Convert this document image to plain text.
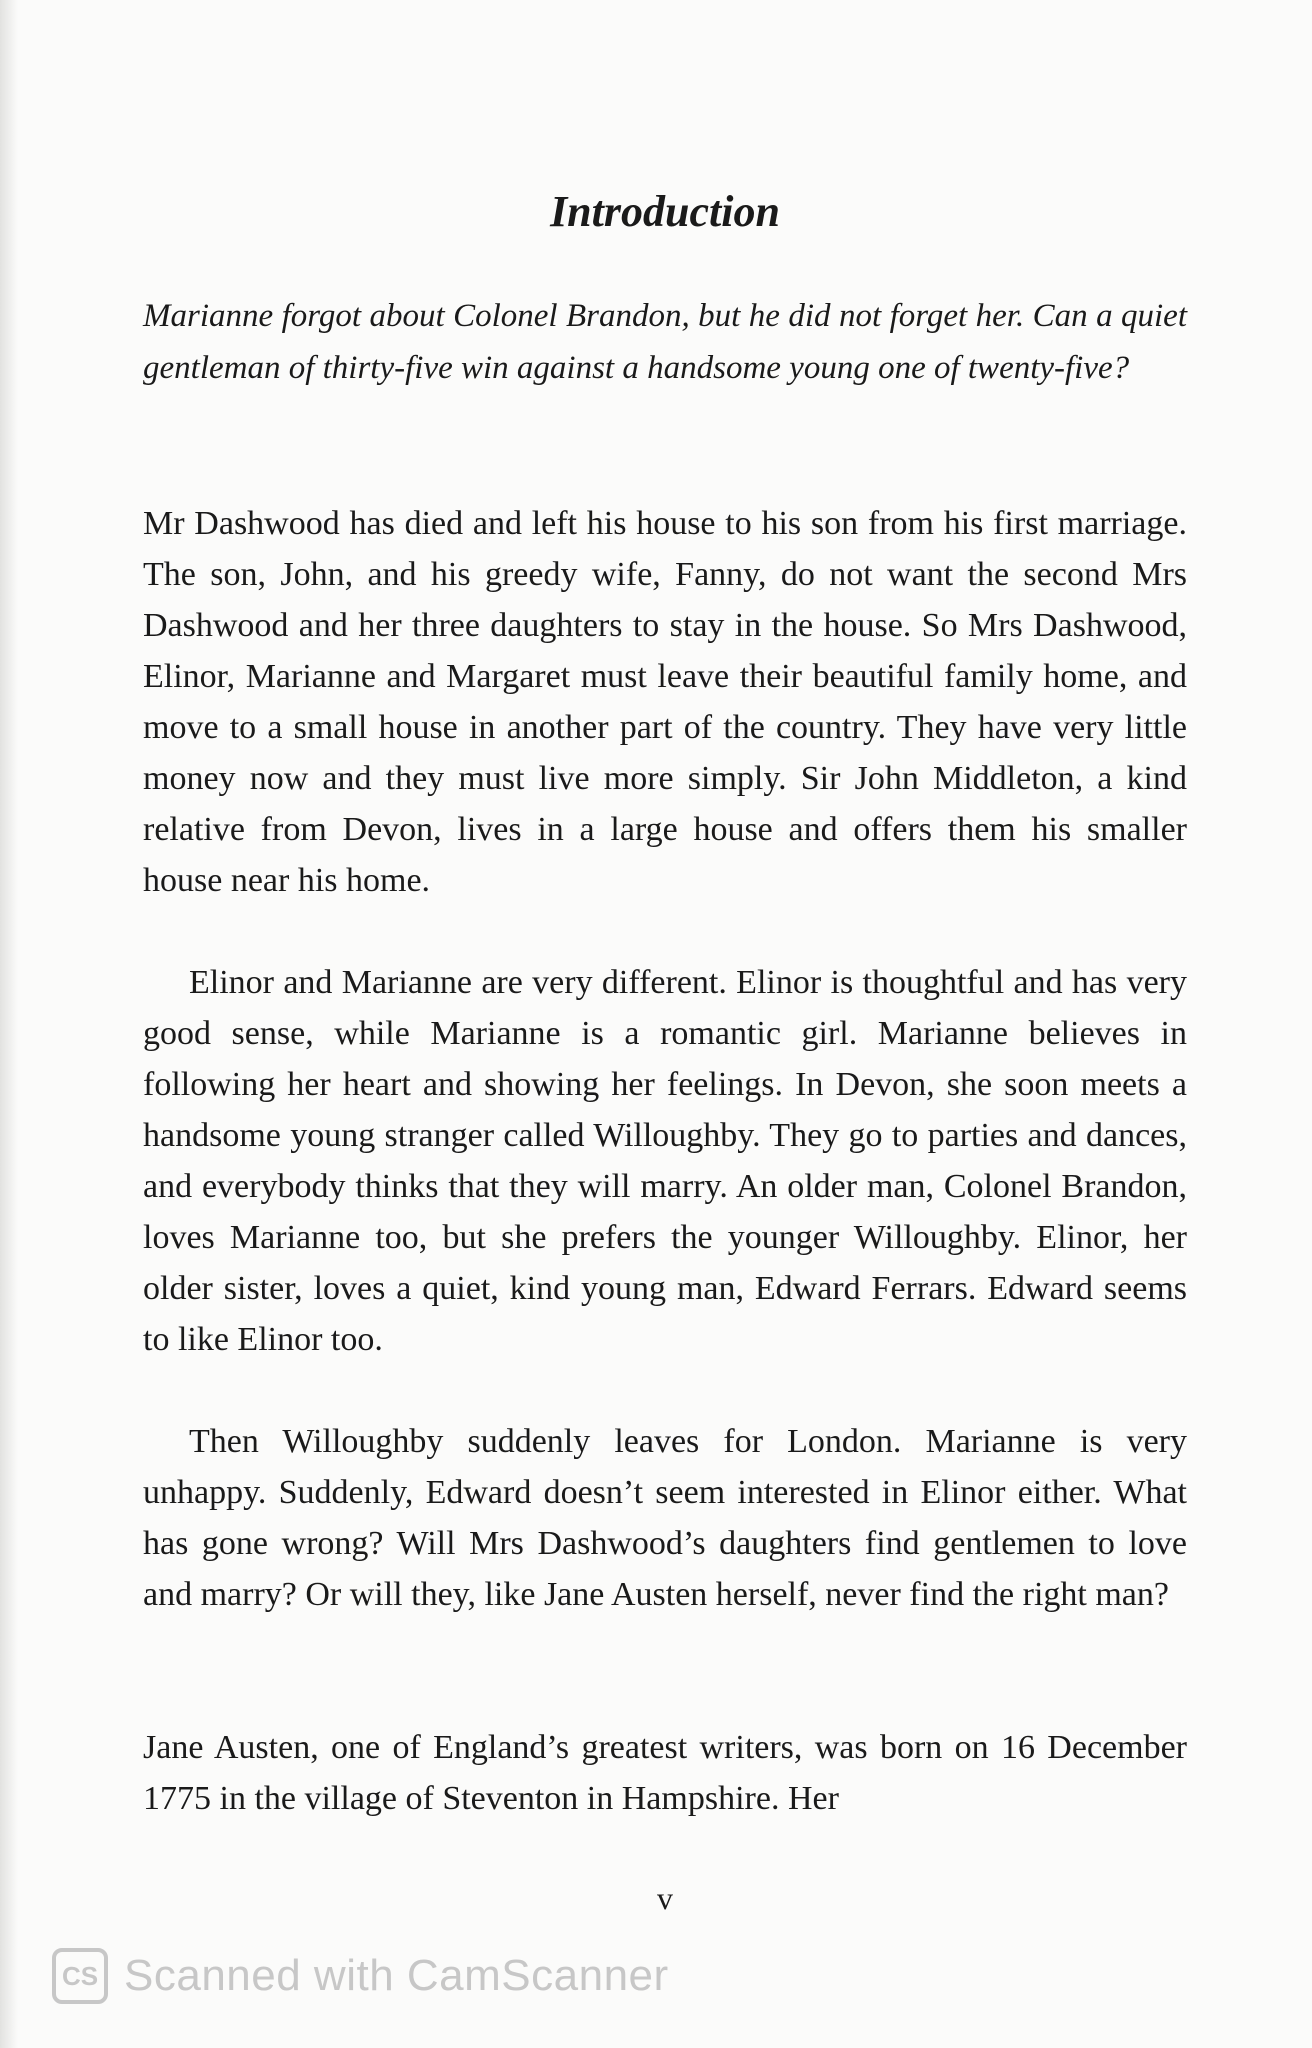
Introduction

Marianne forgot about Colonel Brandon, but he did not forget her. Can a quiet gentleman of thirty-five win against a handsome young one of twenty-five?

Mr Dashwood has died and left his house to his son from his first marriage. The son, John, and his greedy wife, Fanny, do not want the second Mrs Dashwood and her three daughters to stay in the house. So Mrs Dashwood, Elinor, Marianne and Margaret must leave their beautiful family home, and move to a small house in another part of the country. They have very little money now and they must live more simply. Sir John Middleton, a kind relative from Devon, lives in a large house and offers them his smaller house near his home.

Elinor and Marianne are very different. Elinor is thoughtful and has very good sense, while Marianne is a romantic girl. Marianne believes in following her heart and showing her feelings. In Devon, she soon meets a handsome young stranger called Willoughby. They go to parties and dances, and everybody thinks that they will marry. An older man, Colonel Brandon, loves Marianne too, but she prefers the younger Willoughby. Elinor, her older sister, loves a quiet, kind young man, Edward Ferrars. Edward seems to like Elinor too.

Then Willoughby suddenly leaves for London. Marianne is very unhappy. Suddenly, Edward doesn’t seem interested in Elinor either. What has gone wrong? Will Mrs Dashwood’s daughters find gentlemen to love and marry? Or will they, like Jane Austen herself, never find the right man?

Jane Austen, one of England’s greatest writers, was born on 16 December 1775 in the village of Steventon in Hampshire. Her

v

CS Scanned with CamScanner
